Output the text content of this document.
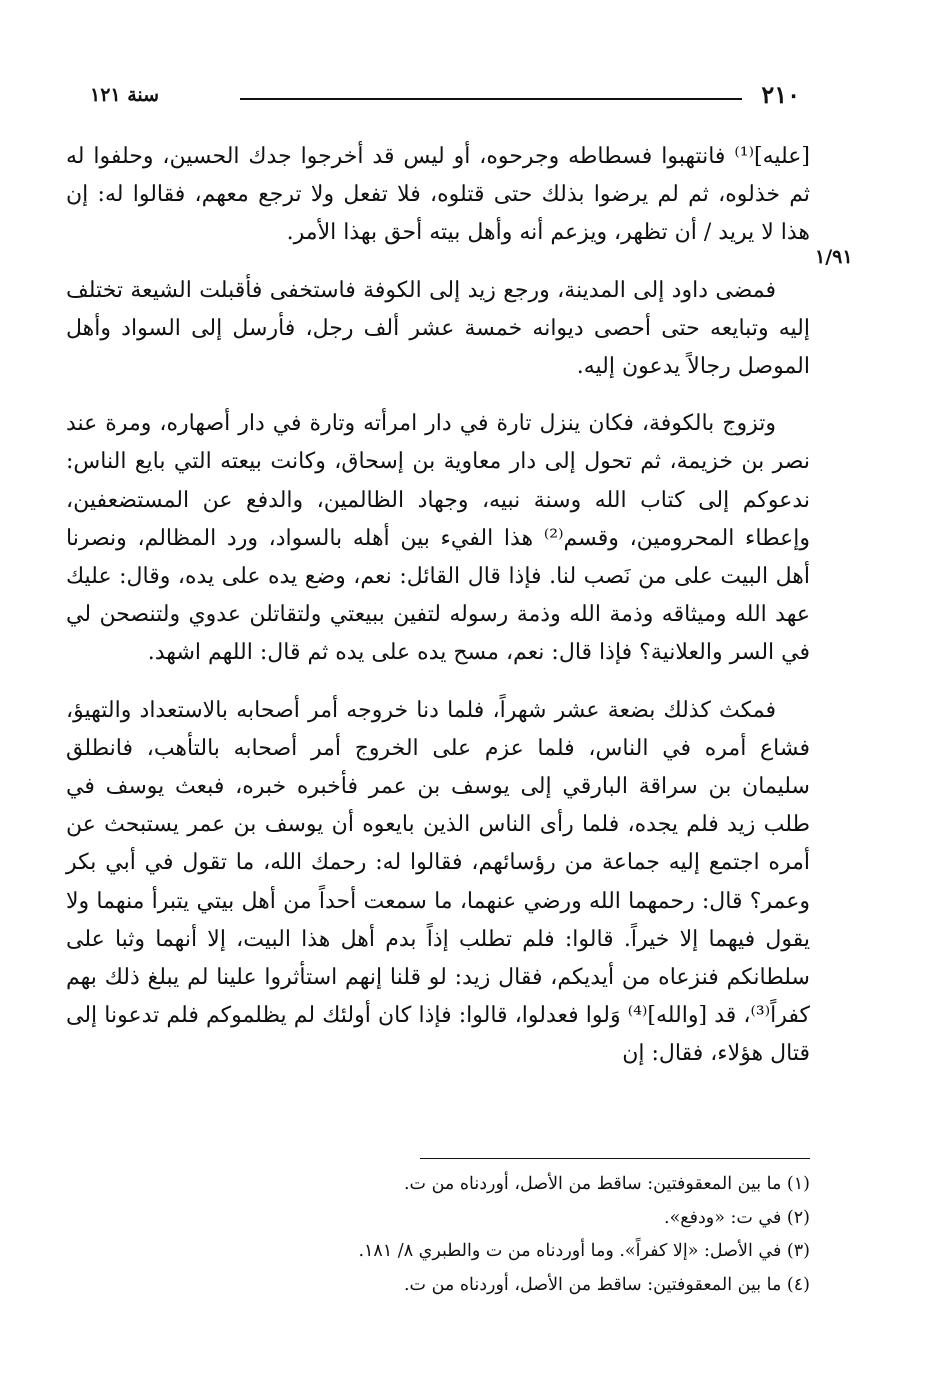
٢١٠
سنة ١٢١
١/٩١

[عليه]⁽¹⁾ فانتهبوا فسطاطه وجرحوه، أو ليس قد أخرجوا جدك الحسين، وحلفوا له ثم خذلوه، ثم لم يرضوا بذلك حتى قتلوه، فلا تفعل ولا ترجع معهم، فقالوا له: إن هذا لا يريد / أن تظهر، ويزعم أنه وأهل بيته أحق بهذا الأمر.

فمضى داود إلى المدينة، ورجع زيد إلى الكوفة فاستخفى فأقبلت الشيعة تختلف إليه وتبايعه حتى أحصى ديوانه خمسة عشر ألف رجل، فأرسل إلى السواد وأهل الموصل رجالاً يدعون إليه.

وتزوج بالكوفة، فكان ينزل تارة في دار امرأته وتارة في دار أصهاره، ومرة عند نصر بن خزيمة، ثم تحول إلى دار معاوية بن إسحاق، وكانت بيعته التي بايع الناس: ندعوكم إلى كتاب الله وسنة نبيه، وجهاد الظالمين، والدفع عن المستضعفين، وإعطاء المحرومين، وقسم⁽²⁾ هذا الفيء بين أهله بالسواد، ورد المظالم، ونصرنا أهل البيت على من نَصب لنا. فإذا قال القائل: نعم، وضع يده على يده، وقال: عليك عهد الله وميثاقه وذمة الله وذمة رسوله لتفين ببيعتي ولتقاتلن عدوي ولتنصحن لي في السر والعلانية؟ فإذا قال: نعم، مسح يده على يده ثم قال: اللهم اشهد.

فمكث كذلك بضعة عشر شهراً، فلما دنا خروجه أمر أصحابه بالاستعداد والتهيؤ، فشاع أمره في الناس، فلما عزم على الخروج أمر أصحابه بالتأهب، فانطلق سليمان بن سراقة البارقي إلى يوسف بن عمر فأخبره خبره، فبعث يوسف في طلب زيد فلم يجده، فلما رأى الناس الذين بايعوه أن يوسف بن عمر يستبحث عن أمره اجتمع إليه جماعة من رؤسائهم، فقالوا له: رحمك الله، ما تقول في أبي بكر وعمر؟ قال: رحمهما الله ورضي عنهما، ما سمعت أحداً من أهل بيتي يتبرأ منهما ولا يقول فيهما إلا خيراً. قالوا: فلم تطلب إذاً بدم أهل هذا البيت، إلا أنهما وثبا على سلطانكم فنزعاه من أيديكم، فقال زيد: لو قلنا إنهم استأثروا علينا لم يبلغ ذلك بهم كفراً⁽³⁾، قد [والله]⁽⁴⁾ وَلوا فعدلوا، قالوا: فإذا كان أولئك لم يظلموكم فلم تدعونا إلى قتال هؤلاء، فقال: إن

(١) ما بين المعقوفتين: ساقط من الأصل، أوردناه من ت.

(٢) في ت: «ودفع».

(٣) في الأصل: «إلا كفراً». وما أوردناه من ت والطبري ٨/ ١٨١.

(٤) ما بين المعقوفتين: ساقط من الأصل، أوردناه من ت.
